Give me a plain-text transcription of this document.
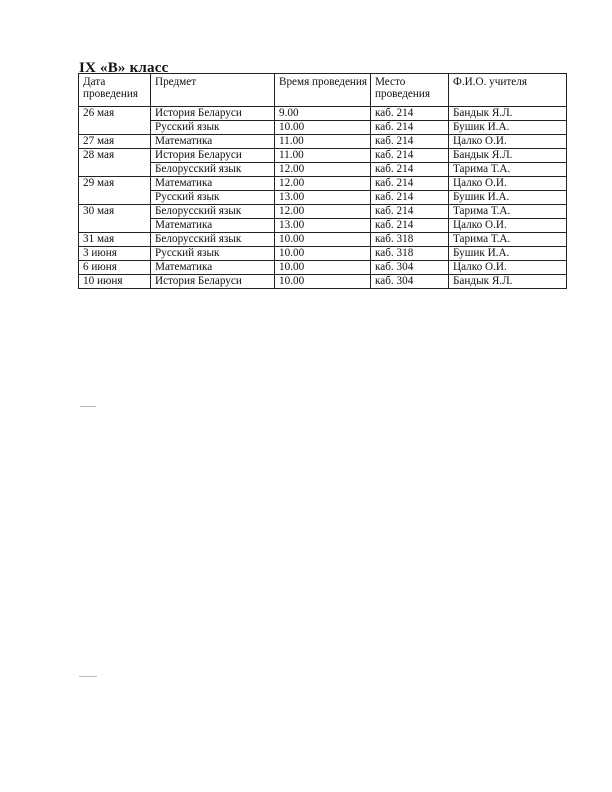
IX «В» класс
Дата проведения	Предмет	Время проведения	Место проведения	Ф.И.О. учителя

26 мая	История Беларуси	9.00	каб. 214	Бандык Я.Л.
	Русский язык	10.00	каб. 214	Бушик И.А.
27 мая	Математика	11.00	каб. 214	Цалко О.И.
28 мая	История Беларуси	11.00	каб. 214	Бандык Я.Л.
	Белорусский язык	12.00	каб. 214	Тарима Т.А.
29 мая	Математика	12.00	каб. 214	Цалко О.И.
	Русский язык	13.00	каб. 214	Бушик И.А.
30 мая	Белорусский язык	12.00	каб. 214	Тарима Т.А.
	Математика	13.00	каб. 214	Цалко О.И.
31 мая	Белорусский язык	10.00	каб. 318	Тарима Т.А.
3 июня	Русский язык	10.00	каб. 318	Бушик И.А.
6 июня	Математика	10.00	каб. 304	Цалко О.И.
10 июня	История Беларуси	10.00	каб. 304	Бандык Я.Л.
